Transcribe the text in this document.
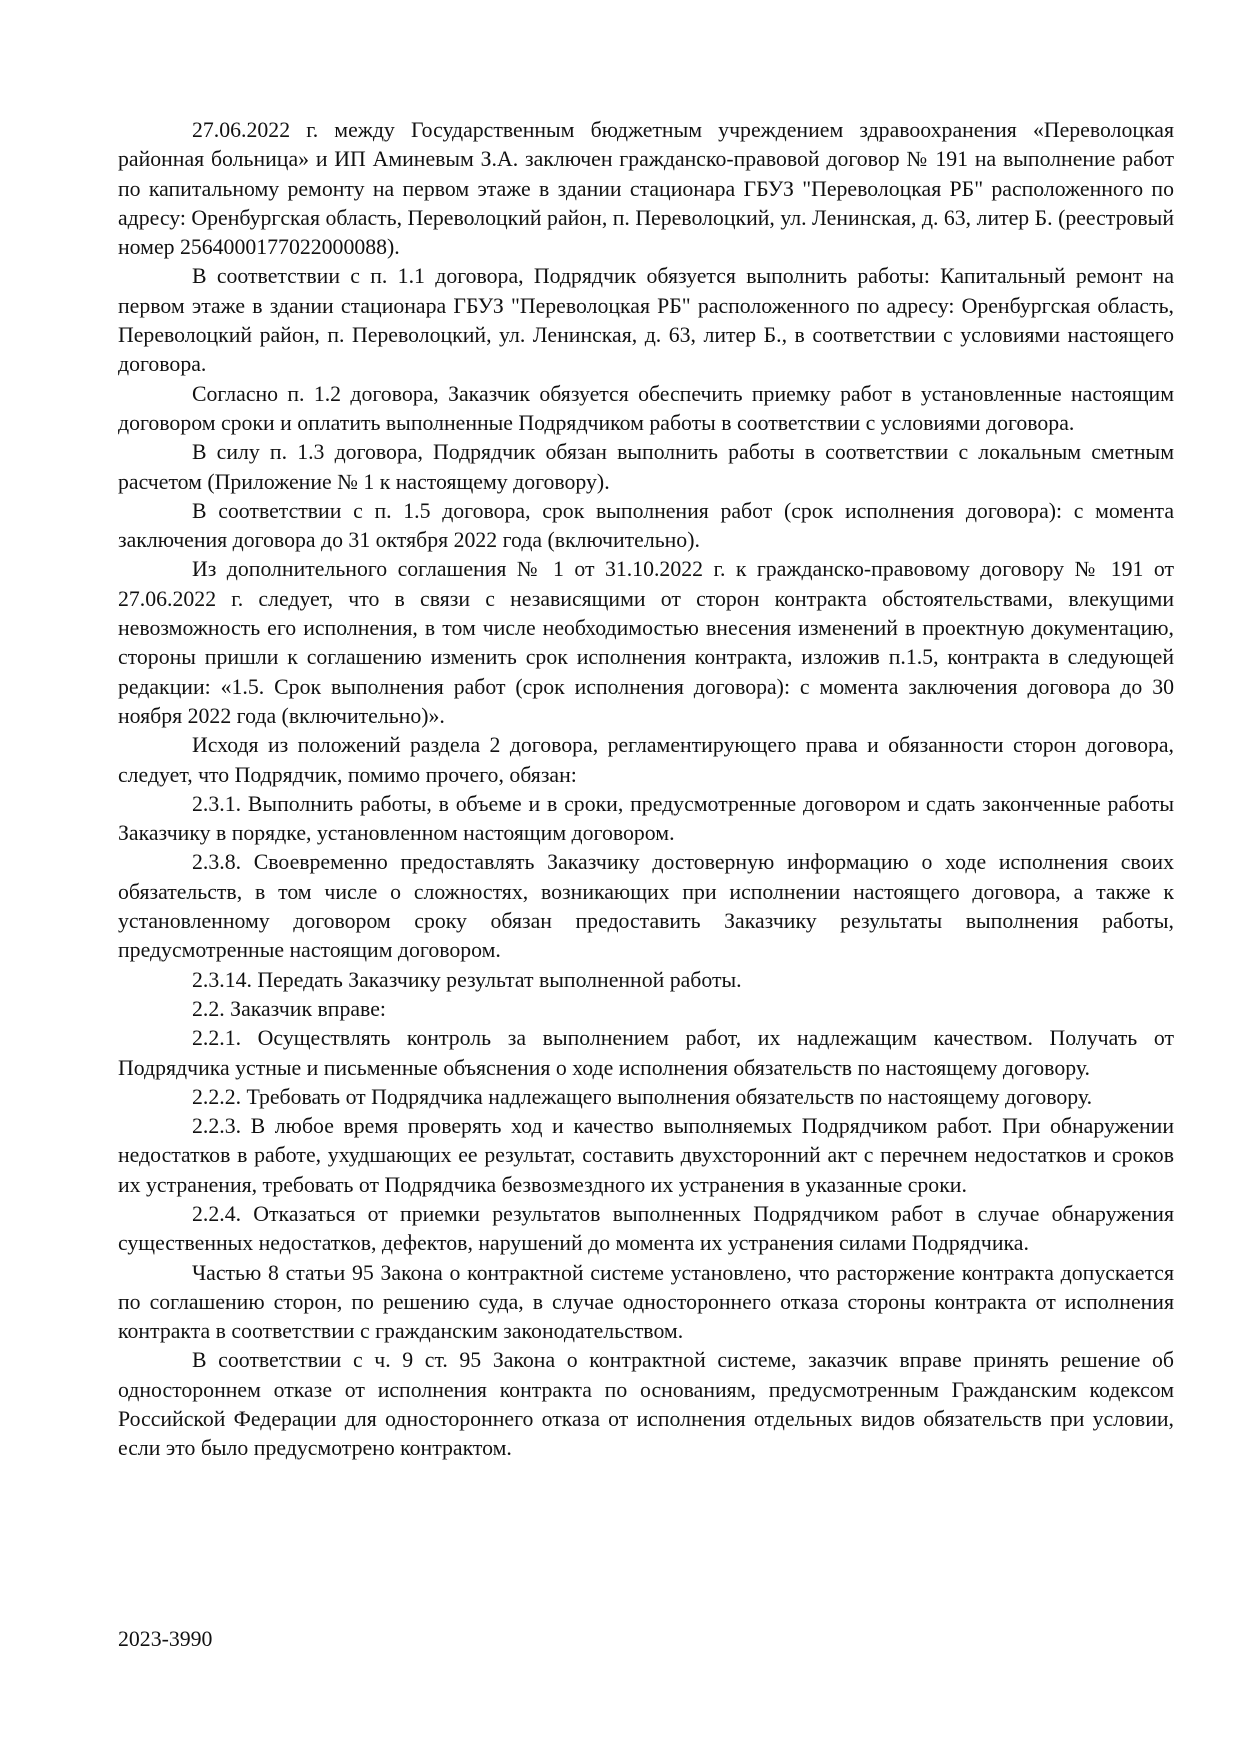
27.06.2022 г. между Государственным бюджетным учреждением здравоохранения «Переволоцкая районная больница» и ИП Аминевым З.А. заключен гражданско-правовой договор № 191 на выполнение работ по капитальному ремонту на первом этаже в здании стационара ГБУЗ "Переволоцкая РБ" расположенного по адресу: Оренбургская область, Переволоцкий район, п. Переволоцкий, ул. Ленинская, д. 63, литер Б. (реестровый номер 2564000177022000088).

В соответствии с п. 1.1 договора, Подрядчик обязуется выполнить работы: Капитальный ремонт на первом этаже в здании стационара ГБУЗ "Переволоцкая РБ" расположенного по адресу: Оренбургская область, Переволоцкий район, п. Переволоцкий, ул. Ленинская, д. 63, литер Б., в соответствии с условиями настоящего договора.

Согласно п. 1.2 договора, Заказчик обязуется обеспечить приемку работ в установленные настоящим договором сроки и оплатить выполненные Подрядчиком работы в соответствии с условиями договора.

В силу п. 1.3 договора, Подрядчик обязан выполнить работы в соответствии с локальным сметным расчетом (Приложение № 1 к настоящему договору).

В соответствии с п. 1.5 договора, срок выполнения работ (срок исполнения договора): с момента заключения договора до 31 октября 2022 года (включительно).

Из дополнительного соглашения № 1 от 31.10.2022 г. к гражданско-правовому договору № 191 от 27.06.2022 г. следует, что в связи с независящими от сторон контракта обстоятельствами, влекущими невозможность его исполнения, в том числе необходимостью внесения изменений в проектную документацию, стороны пришли к соглашению изменить срок исполнения контракта, изложив п.1.5, контракта в следующей редакции: «1.5. Срок выполнения работ (срок исполнения договора): с момента заключения договора до 30 ноября 2022 года (включительно)».

Исходя из положений раздела 2 договора, регламентирующего права и обязанности сторон договора, следует, что Подрядчик, помимо прочего, обязан:

2.3.1. Выполнить работы, в объеме и в сроки, предусмотренные договором и сдать законченные работы Заказчику в порядке, установленном настоящим договором.

2.3.8. Своевременно предоставлять Заказчику достоверную информацию о ходе исполнения своих обязательств, в том числе о сложностях, возникающих при исполнении настоящего договора, а также к установленному договором сроку обязан предоставить Заказчику результаты выполнения работы, предусмотренные настоящим договором.

2.3.14. Передать Заказчику результат выполненной работы.

2.2. Заказчик вправе:

2.2.1. Осуществлять контроль за выполнением работ, их надлежащим качеством. Получать от Подрядчика устные и письменные объяснения о ходе исполнения обязательств по настоящему договору.

2.2.2. Требовать от Подрядчика надлежащего выполнения обязательств по настоящему договору.

2.2.3. В любое время проверять ход и качество выполняемых Подрядчиком работ. При обнаружении недостатков в работе, ухудшающих ее результат, составить двухсторонний акт с перечнем недостатков и сроков их устранения, требовать от Подрядчика безвозмездного их устранения в указанные сроки.

2.2.4. Отказаться от приемки результатов выполненных Подрядчиком работ в случае обнаружения существенных недостатков, дефектов, нарушений до момента их устранения силами Подрядчика.

Частью 8 статьи 95 Закона о контрактной системе установлено, что расторжение контракта допускается по соглашению сторон, по решению суда, в случае одностороннего отказа стороны контракта от исполнения контракта в соответствии с гражданским законодательством.

В соответствии с ч. 9 ст. 95 Закона о контрактной системе, заказчик вправе принять решение об одностороннем отказе от исполнения контракта по основаниям, предусмотренным Гражданским кодексом Российской Федерации для одностороннего отказа от исполнения отдельных видов обязательств при условии, если это было предусмотрено контрактом.

2023-3990
